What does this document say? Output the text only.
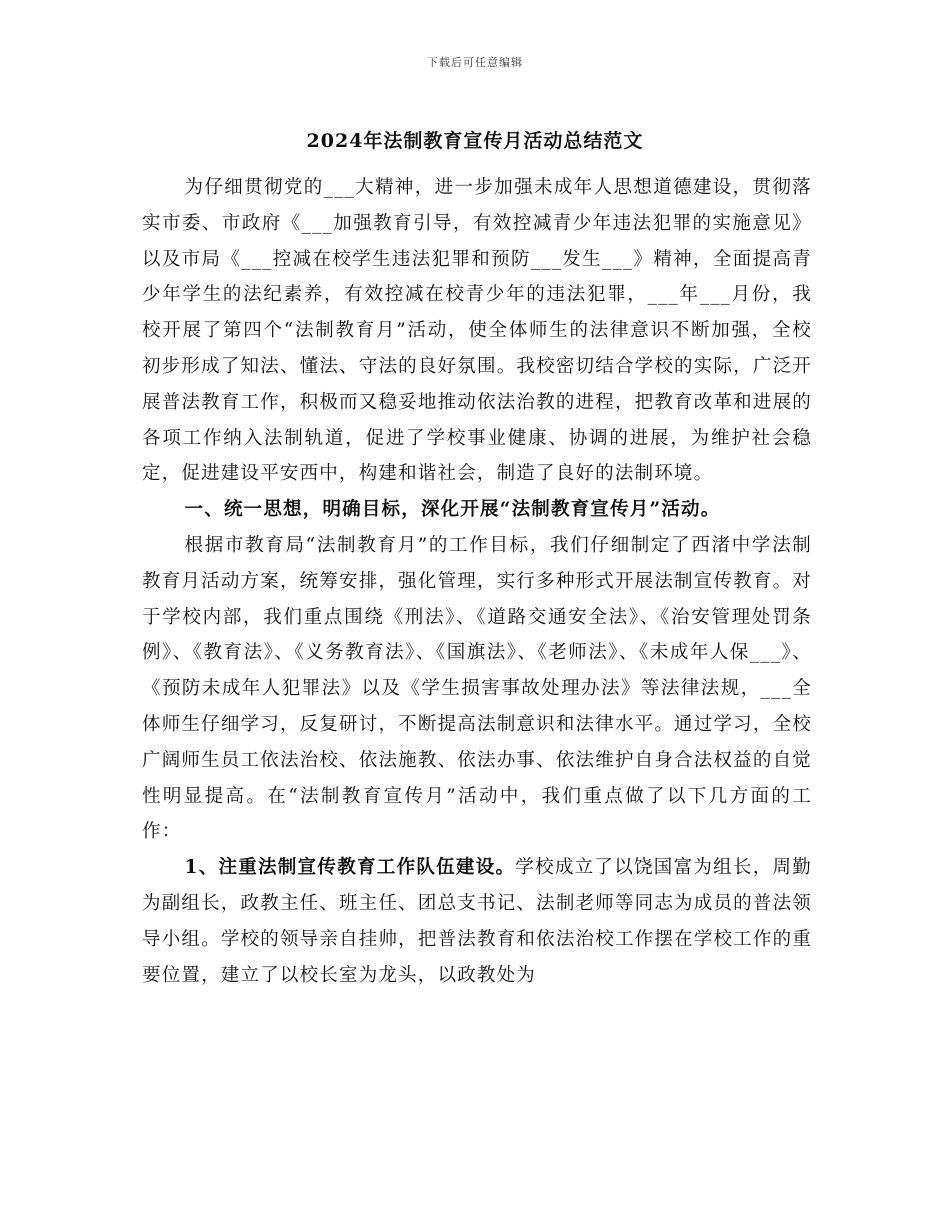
下载后可任意编辑
2024年法制教育宣传月活动总结范文

为仔细贯彻党的___大精神，进一步加强未成年人思想道德建设，贯彻落实市委、市政府《___加强教育引导，有效控减青少年违法犯罪的实施意见》以及市局《___控减在校学生违法犯罪和预防___发生___》精神，全面提高青少年学生的法纪素养，有效控减在校青少年的违法犯罪，___年___月份，我校开展了第四个“法制教育月”活动，使全体师生的法律意识不断加强，全校初步形成了知法、懂法、守法的良好氛围。我校密切结合学校的实际，广泛开展普法教育工作，积极而又稳妥地推动依法治教的进程，把教育改革和进展的各项工作纳入法制轨道，促进了学校事业健康、协调的进展，为维护社会稳定，促进建设平安西中，构建和谐社会，制造了良好的法制环境。

一、统一思想，明确目标，深化开展“法制教育宣传月”活动。

根据市教育局“法制教育月”的工作目标，我们仔细制定了西渚中学法制教育月活动方案，统筹安排，强化管理，实行多种形式开展法制宣传教育。对于学校内部，我们重点围绕《刑法》、《道路交通安全法》、《治安管理处罚条例》、《教育法》、《义务教育法》、《国旗法》、《老师法》、《未成年人保___》、《预防未成年人犯罪法》以及《学生损害事故处理办法》等法律法规，___全体师生仔细学习，反复研讨，不断提高法制意识和法律水平。通过学习，全校广阔师生员工依法治校、依法施教、依法办事、依法维护自身合法权益的自觉性明显提高。在“法制教育宣传月”活动中，我们重点做了以下几方面的工作：

1、注重法制宣传教育工作队伍建设。学校成立了以饶国富为组长，周勤为副组长，政教主任、班主任、团总支书记、法制老师等同志为成员的普法领导小组。学校的领导亲自挂帅，把普法教育和依法治校工作摆在学校工作的重要位置，建立了以校长室为龙头，以政教处为
